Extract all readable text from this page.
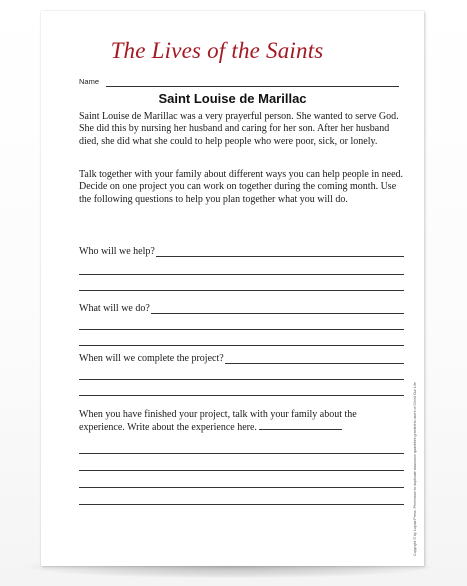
The Lives of the Saints
Name
Saint Louise de Marillac

Saint Louise de Marillac was a very prayerful person. She wanted to serve God. She did this by nursing her husband and caring for her son. After her husband died, she did what she could to help people who were poor, sick, or lonely.

Talk together with your family about different ways you can help people in need. Decide on one project you can work on together during the coming month. Use the following questions to help you plan together what you will do.

Who will we help?
What will we do?
When will we complete the project?

When you have finished your project, talk with your family about the experience. Write about the experience here.	Copyright © by Loyola Press. Permission to duplicate classroom quantities granted to users of Christ Our Life.
